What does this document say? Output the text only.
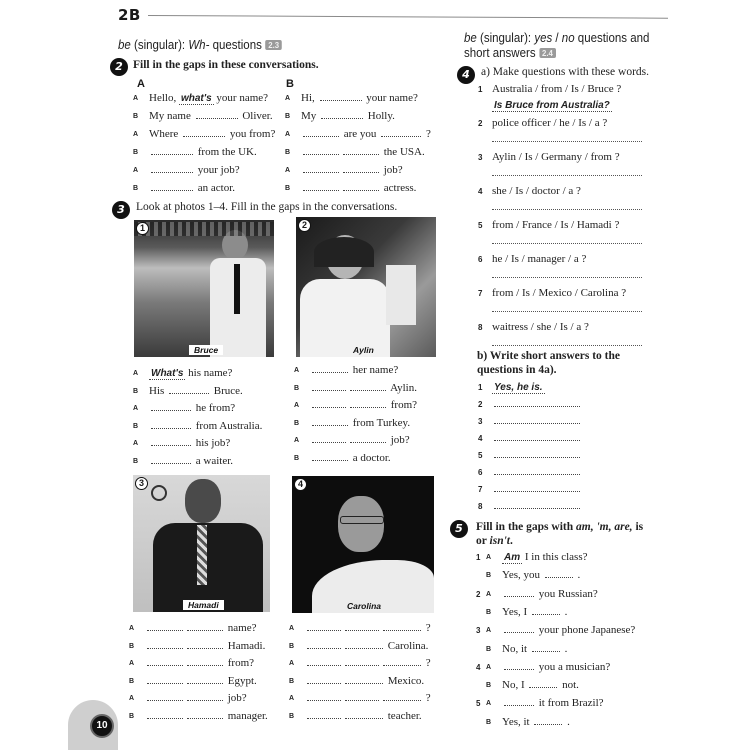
2B
be (singular): Wh- questions 2.3
2 Fill in the gaps in these conversations.
A	B
A Hello, what's your name?
B My name	Oliver.
A Where	you from?
B	from the UK.
A	your job?
B	an actor.
A Hi,	your name?
B My	Holly.
A	are you	?
B	the USA.
A	job?
B	actress.
3 Look at photos 1–4. Fill in the gaps in the conversations.
1
Bruce
2
Aylin
A What's his name?
B His	Bruce.
A	he from?
B	from Australia.
A	his job?
B	a waiter.
A	her name?
B	Aylin.
A	from?
B	from Turkey.
A	job?
B	a doctor.
3
Hamadi
4
Carolina
A	name?
B	Hamadi.
A	from?
B	Egypt.
A	job?
B	manager.
A	?
B	Carolina.
A	?
B	Mexico.
A	?
B	teacher.
be (singular): yes / no questions and
short answers 2.4
4 a) Make questions with these words.
1 Australia / from / Is / Bruce ?
Is Bruce from Australia?
2 police officer / he / Is / a ?
3 Aylin / Is / Germany / from ?
4 she / Is / doctor / a ?
5 from / France / Is / Hamadi ?
6 he / Is / manager / a ?
7 from / Is / Mexico / Carolina ?
8 waitress / she / Is / a ?
b) Write short answers to the
questions in 4a).
1 Yes, he is.
2
3
4
5
6
7
8
5	Fill in the gaps with am, 'm, are, is
or isn't.
1 A Am I in this class?
B Yes, you	.
2 A	you Russian?
B Yes, I	.
3 A	your phone Japanese?
B No, it	.
4 A	you a musician?
B No, I	not.
5 A	it from Brazil?
B Yes, it	.
10
